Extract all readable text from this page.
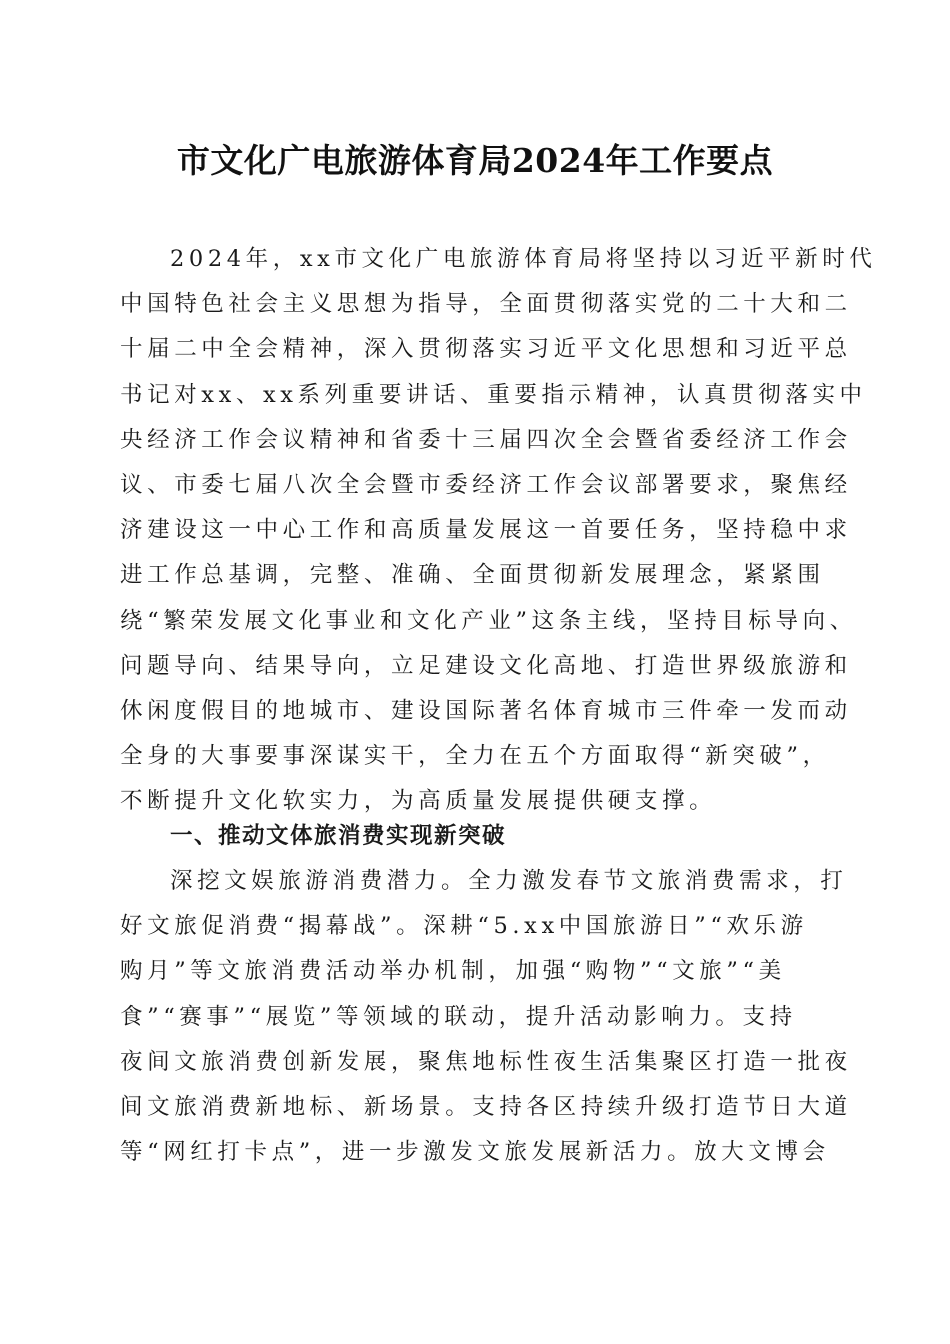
市文化广电旅游体育局2024年工作要点
2024年，xx市文化广电旅游体育局将坚持以习近平新时代
中国特色社会主义思想为指导，全面贯彻落实党的二十大和二
十届二中全会精神，深入贯彻落实习近平文化思想和习近平总
书记对xx、xx系列重要讲话、重要指示精神，认真贯彻落实中
央经济工作会议精神和省委十三届四次全会暨省委经济工作会
议、市委七届八次全会暨市委经济工作会议部署要求，聚焦经
济建设这一中心工作和高质量发展这一首要任务，坚持稳中求
进工作总基调，完整、准确、全面贯彻新发展理念，紧紧围
绕“繁荣发展文化事业和文化产业”这条主线，坚持目标导向、
问题导向、结果导向，立足建设文化高地、打造世界级旅游和
休闲度假目的地城市、建设国际著名体育城市三件牵一发而动
全身的大事要事深谋实干，全力在五个方面取得“新突破”，
不断提升文化软实力，为高质量发展提供硬支撑。
一、推动文体旅消费实现新突破
深挖文娱旅游消费潜力。全力激发春节文旅消费需求，打
好文旅促消费“揭幕战”。深耕“5.xx中国旅游日”“欢乐游
购月”等文旅消费活动举办机制，加强“购物”“文旅”“美
食”“赛事”“展览”等领域的联动，提升活动影响力。支持
夜间文旅消费创新发展，聚焦地标性夜生活集聚区打造一批夜
间文旅消费新地标、新场景。支持各区持续升级打造节日大道
等“网红打卡点”，进一步激发文旅发展新活力。放大文博会
